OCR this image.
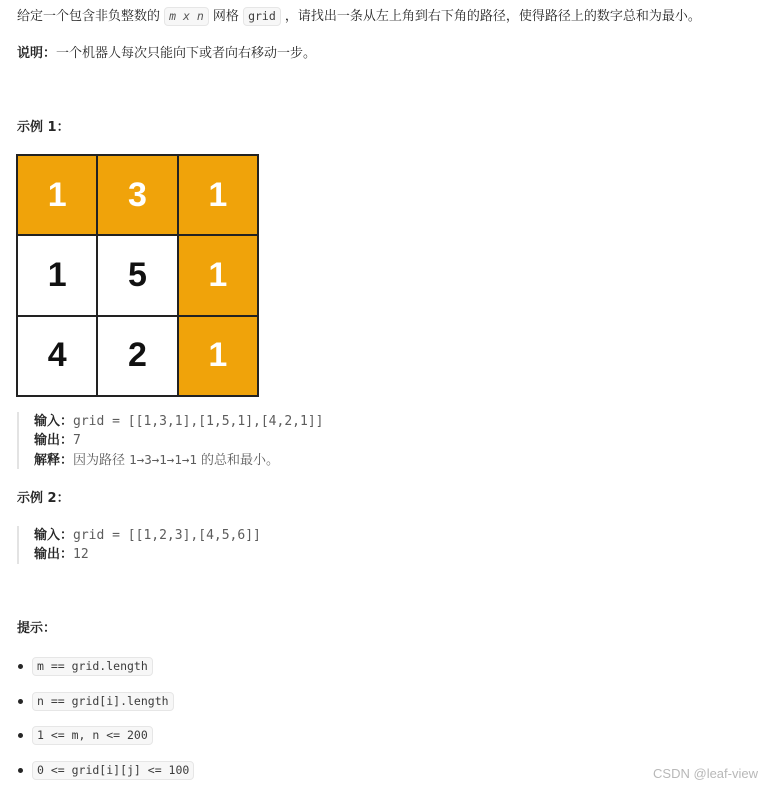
给定一个包含非负整数的 m x n 网格 grid ，请找出一条从左上角到右下角的路径，使得路径上的数字总和为最小。
说明：一个机器人每次只能向下或者向右移动一步。
示例 1：
1	3	1
1	5	1
4	2	1
输入：grid = [[1,3,1],[1,5,1],[4,2,1]]
输出：7
解释：因为路径 1→3→1→1→1 的总和最小。
示例 2：
输入：grid = [[1,2,3],[4,5,6]]
输出：12
提示：
m == grid.length
n == grid[i].length
1 <= m, n <= 200
0 <= grid[i][j] <= 100	CSDN @leaf-view
